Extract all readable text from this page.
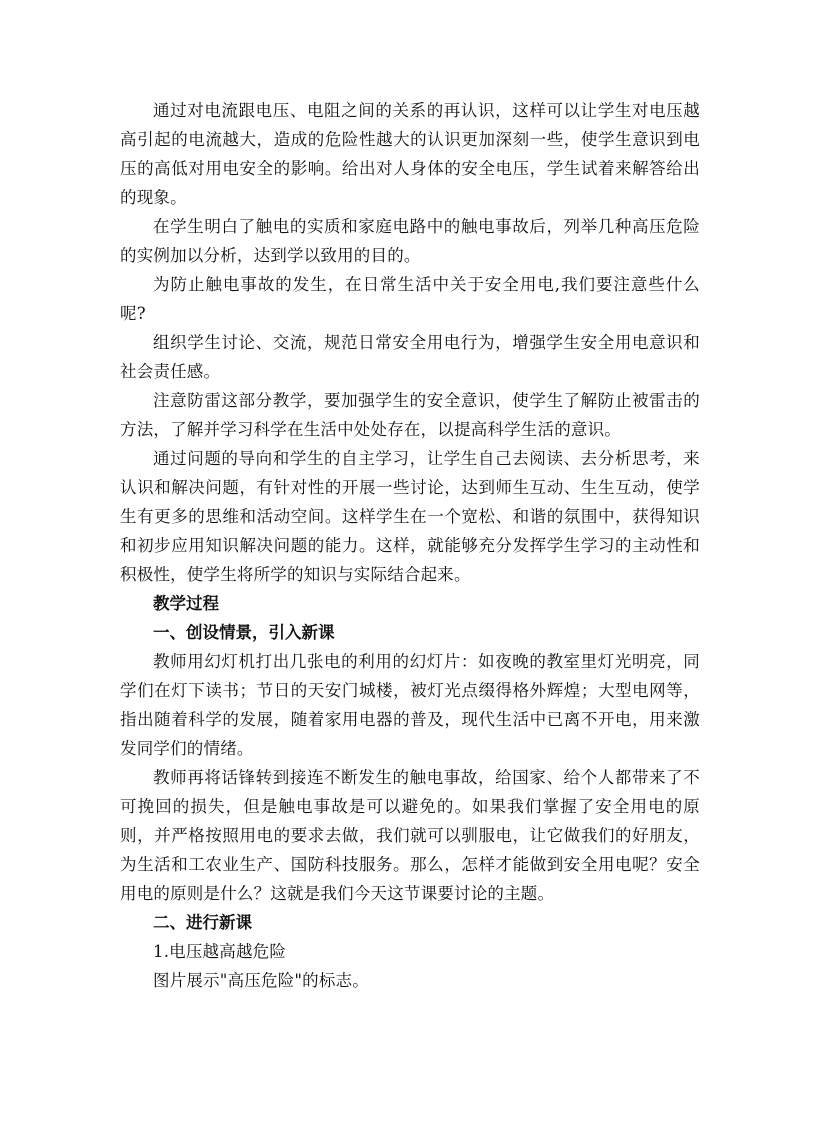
通过对电流跟电压、电阻之间的关系的再认识，这样可以让学生对电压越高引起的电流越大，造成的危险性越大的认识更加深刻一些，使学生意识到电压的高低对用电安全的影响。给出对人身体的安全电压，学生试着来解答给出的现象。

在学生明白了触电的实质和家庭电路中的触电事故后，列举几种高压危险的实例加以分析，达到学以致用的目的。

为防止触电事故的发生，在日常生活中关于安全用电,我们要注意些什么呢?

组织学生讨论、交流，规范日常安全用电行为，增强学生安全用电意识和社会责任感。

注意防雷这部分教学，要加强学生的安全意识，使学生了解防止被雷击的方法，了解并学习科学在生活中处处存在，以提高科学生活的意识。

通过问题的导向和学生的自主学习，让学生自己去阅读、去分析思考，来认识和解决问题，有针对性的开展一些讨论，达到师生互动、生生互动，使学生有更多的思维和活动空间。这样学生在一个宽松、和谐的氛围中，获得知识和初步应用知识解决问题的能力。这样，就能够充分发挥学生学习的主动性和积极性，使学生将所学的知识与实际结合起来。

教学过程

一、创设情景，引入新课

教师用幻灯机打出几张电的利用的幻灯片：如夜晚的教室里灯光明亮，同学们在灯下读书；节日的天安门城楼，被灯光点缀得格外辉煌；大型电网等，指出随着科学的发展，随着家用电器的普及，现代生活中已离不开电，用来激发同学们的情绪。

教师再将话锋转到接连不断发生的触电事故，给国家、给个人都带来了不可挽回的损失，但是触电事故是可以避免的。如果我们掌握了安全用电的原则，并严格按照用电的要求去做，我们就可以驯服电，让它做我们的好朋友，为生活和工农业生产、国防科技服务。那么，怎样才能做到安全用电呢？安全用电的原则是什么？这就是我们今天这节课要讨论的主题。

二、进行新课

1.电压越高越危险

图片展示"高压危险"的标志。
